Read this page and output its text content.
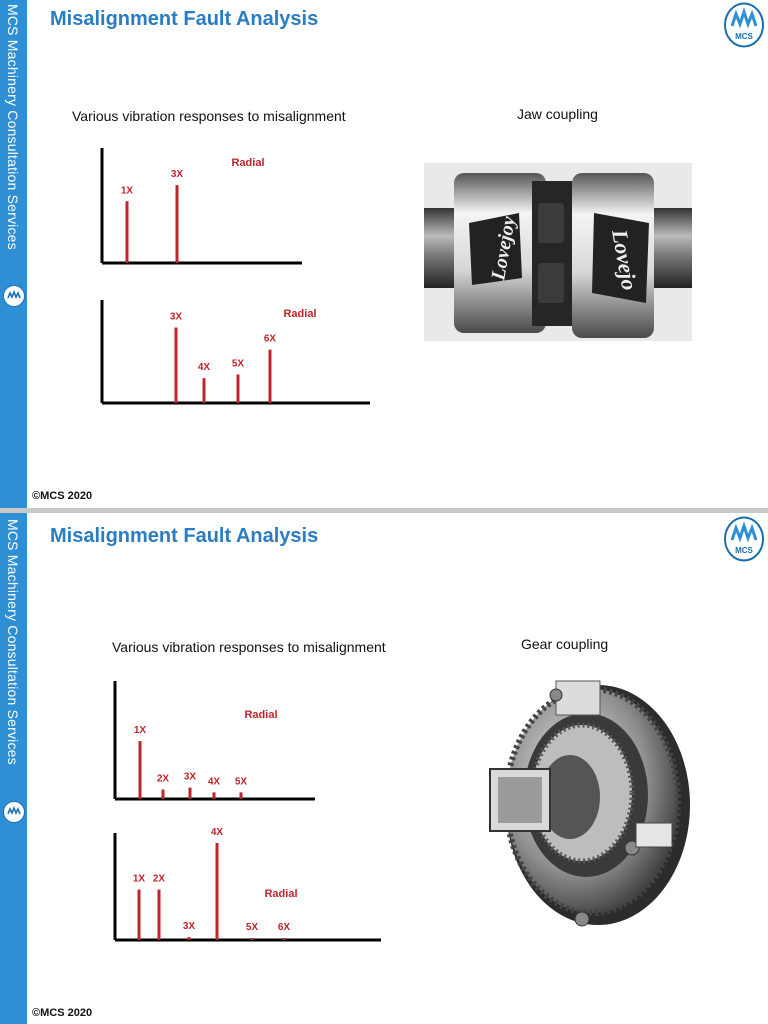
MCS Machinery Consultation Services Misalignment Fault Analysis
MCS
Various vibration responses to misalignment	Jaw coupling
1X
3X
Radial
3X
4X 5X
6X
Radial
Lovejoy	Lovejo
©MCS 2020
MCS Machinery Consultation Services Misalignment Fault Analysis
MCS
Various vibration responses to misalignment	Gear coupling
1X
2X 3X 4X 5X
Radial
1X 2X
3X
4X
5X 6X
Radial
©MCS 2020
